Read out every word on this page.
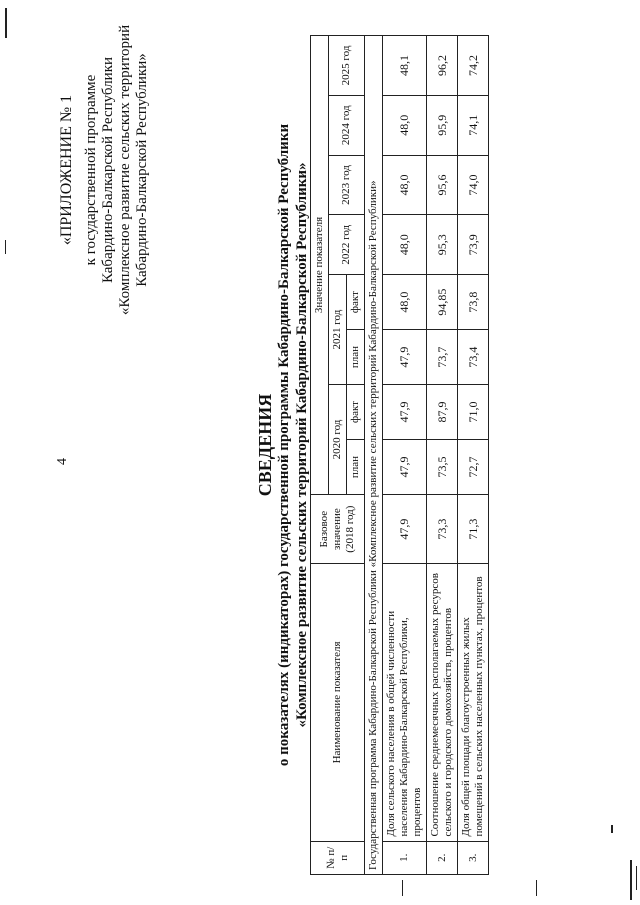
4
«ПРИЛОЖЕНИЕ № 1 к государственной программе Кабардино-Балкарской Республики «Комплексное развитие сельских территорий Кабардино-Балкарской Республики»
СВЕДЕНИЯ о показателях (индикаторах) государственной программы Кабардино-Балкарской Республики «Комплексное развитие сельских территорий Кабардино-Балкарской Республики»
№ п/п	Наименование показателя	Базовое значение (2018 год)	Значение показателя							
			2020 год		2021 год		2022 год	2023 год	2024 год	2025 год
			план	факт	план	факт				
Государственная программа Кабардино-Балкарской Республики «Комплексное развитие сельских территорий Кабардино-Балкарской Республики»										
1.	Доля сельского населения в общей численности населения Кабардино-Балкарской Республики, процентов	47,9	47,9	47,9	47,9	48,0	48,0	48,0	48,0	48,1
2.	Соотношение среднемесячных располагаемых ресурсов сельского и городского домохозяйств, процентов	73,3	73,5	87,9	73,7	94,85	95,3	95,6	95,9	96,2
3.	Доля общей площади благоустроенных жилых помещений в сельских населенных пунктах, процентов	71,3	72,7	71,0	73,4	73,8	73,9	74,0	74,1	74,2
